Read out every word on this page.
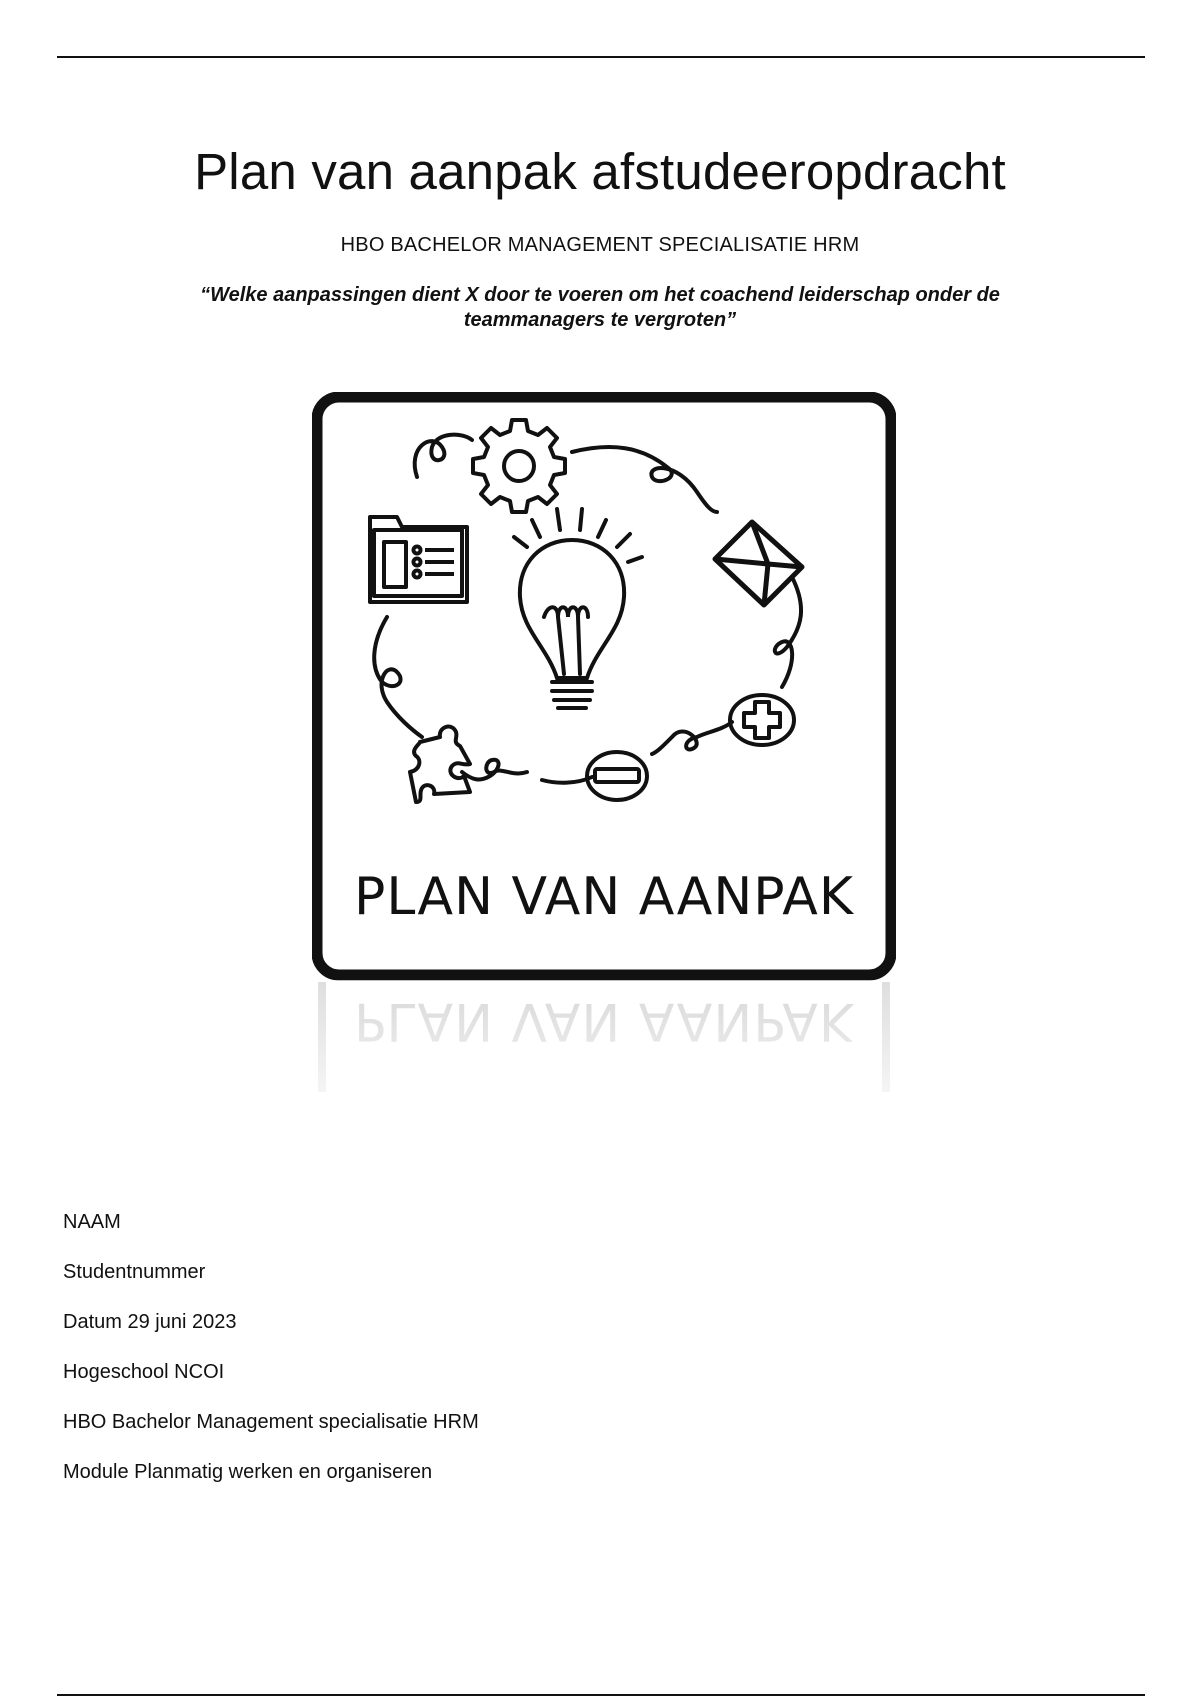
Plan van aanpak afstudeeropdracht
HBO BACHELOR MANAGEMENT SPECIALISATIE HRM
“Welke aanpassingen dient X door te voeren om het coachend leiderschap onder de
teammanagers te vergroten”
PLAN VAN AANPAK
NAAM
Studentnummer
Datum 29 juni 2023
Hogeschool NCOI
HBO Bachelor Management specialisatie HRM
Module Planmatig werken en organiseren
